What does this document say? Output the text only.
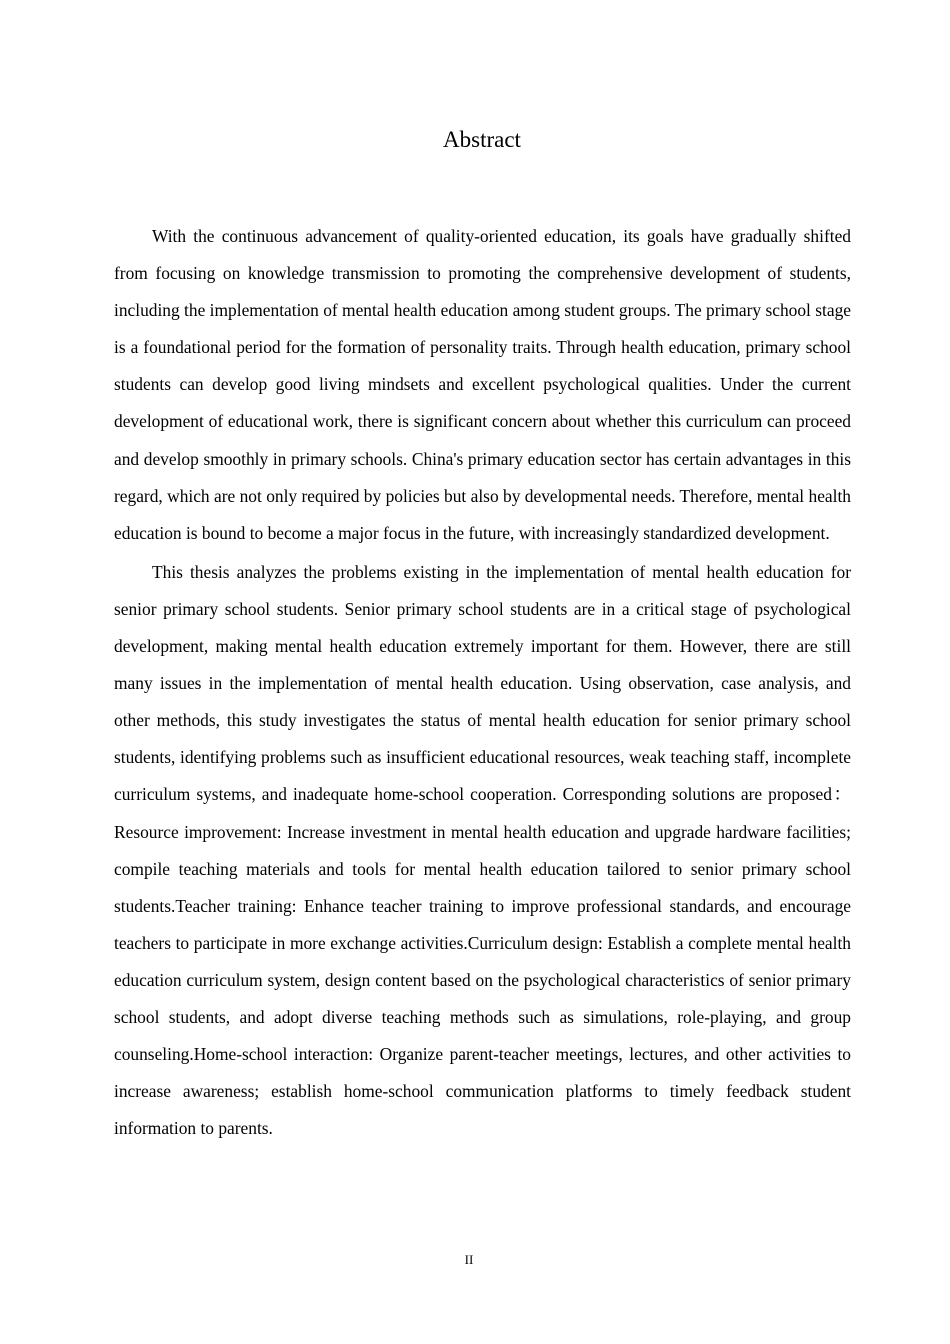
Abstract

With the continuous advancement of quality-oriented education, its goals have gradually shifted from focusing on knowledge transmission to promoting the comprehensive development of students, including the implementation of mental health education among student groups. The primary school stage is a foundational period for the formation of personality traits. Through health education, primary school students can develop good living mindsets and excellent psychological qualities. Under the current development of educational work, there is significant concern about whether this curriculum can proceed and develop smoothly in primary schools. China's primary education sector has certain advantages in this regard, which are not only required by policies but also by developmental needs. Therefore, mental health education is bound to become a major focus in the future, with increasingly standardized development.

This thesis analyzes the problems existing in the implementation of mental health education for senior primary school students. Senior primary school students are in a critical stage of psychological development, making mental health education extremely important for them. However, there are still many issues in the implementation of mental health education. Using observation, case analysis, and other methods, this study investigates the status of mental health education for senior primary school students, identifying problems such as insufficient educational resources, weak teaching staff, incomplete curriculum systems, and inadequate home-school cooperation. Corresponding solutions are proposed：Resource improvement: Increase investment in mental health education and upgrade hardware facilities; compile teaching materials and tools for mental health education tailored to senior primary school students.Teacher training: Enhance teacher training to improve professional standards, and encourage teachers to participate in more exchange activities.Curriculum design: Establish a complete mental health education curriculum system, design content based on the psychological characteristics of senior primary school students, and adopt diverse teaching methods such as simulations, role-playing, and group counseling.Home-school interaction: Organize parent-teacher meetings, lectures, and other activities to increase awareness; establish home-school communication platforms to timely feedback student information to parents.

II
